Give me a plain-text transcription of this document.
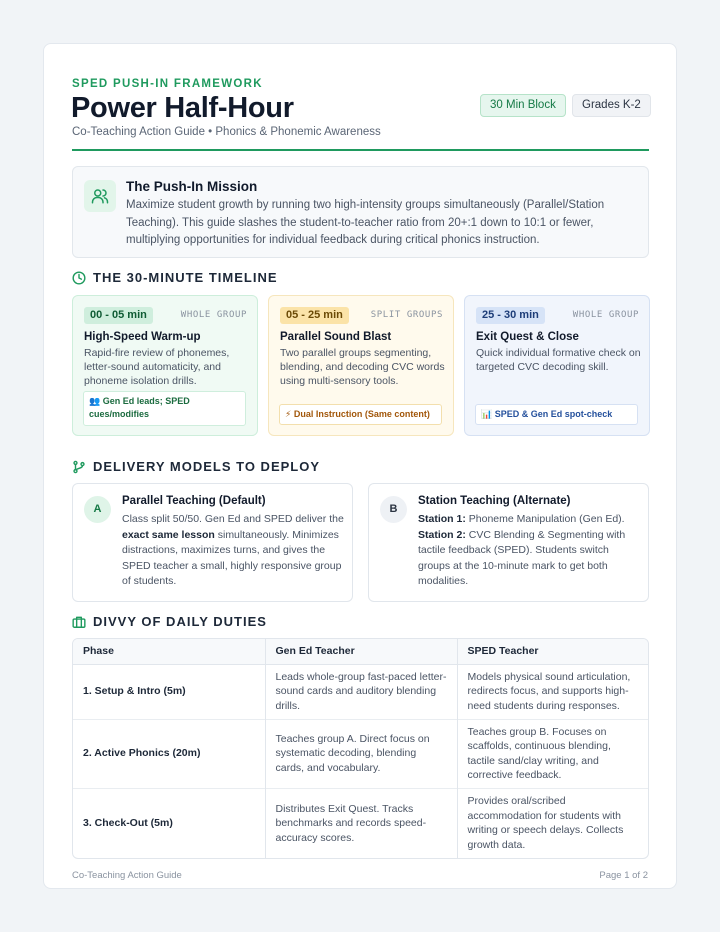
SPED PUSH-IN FRAMEWORK
Power Half-Hour
Co-Teaching Action Guide • Phonics & Phonemic Awareness
30 Min Block	Grades K-2
The Push-In Mission
Maximize student growth by running two high-intensity groups simultaneously (Parallel/Station Teaching). This guide slashes the student-to-teacher ratio from 20+:1 down to 10:1 or fewer, multiplying opportunities for individual feedback during critical phonics instruction.
THE 30-MINUTE TIMELINE
00 - 05 min	WHOLE GROUP
High-Speed Warm-up
Rapid-fire review of phonemes, letter-sound automaticity, and phoneme isolation drills.
👥 Gen Ed leads; SPED cues/modifies
05 - 25 min	SPLIT GROUPS
Parallel Sound Blast
Two parallel groups segmenting, blending, and decoding CVC words using multi-sensory tools.
⚡ Dual Instruction (Same content)
25 - 30 min	WHOLE GROUP
Exit Quest & Close
Quick individual formative check on targeted CVC decoding skill.
📊 SPED & Gen Ed spot-check
DELIVERY MODELS TO DEPLOY
A
Parallel Teaching (Default)
Class split 50/50. Gen Ed and SPED deliver the exact same lesson simultaneously. Minimizes distractions, maximizes turns, and gives the SPED teacher a small, highly responsive group of students.
B
Station Teaching (Alternate)
Station 1: Phoneme Manipulation (Gen Ed).
Station 2: CVC Blending & Segmenting with tactile feedback (SPED). Students switch groups at the 10-minute mark to get both modalities.
DIVVY OF DAILY DUTIES
Phase	Gen Ed Teacher	SPED Teacher
1. Setup & Intro (5m)	Leads whole-group fast-paced letter-sound cards and auditory blending drills.	Models physical sound articulation, redirects focus, and supports high-need students during responses.
2. Active Phonics (20m)	Teaches group A. Direct focus on systematic decoding, blending cards, and vocabulary.	Teaches group B. Focuses on scaffolds, continuous blending, tactile sand/clay writing, and corrective feedback.
3. Check-Out (5m)	Distributes Exit Quest. Tracks benchmarks and records speed-accuracy scores.	Provides oral/scribed accommodation for students with writing or speech delays. Collects growth data.
Co-Teaching Action Guide	Page 1 of 2
